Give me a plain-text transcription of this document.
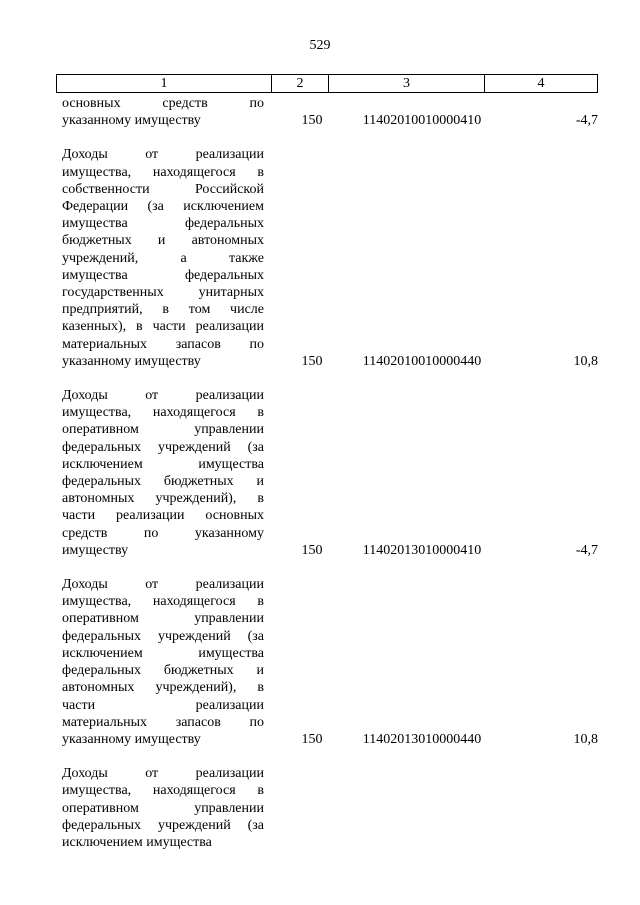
529
1	2	3	4
основных средств по
указанному имуществу	150	11402010010000410	-4,7
Доходы от реализации
имущества, находящегося в
собственности Российской
Федерации (за исключением
имущества федеральных
бюджетных и автономных
учреждений, а также
имущества федеральных
государственных унитарных
предприятий, в том числе
казенных), в части реализации
материальных запасов по
указанному имуществу	150	11402010010000440	10,8
Доходы от реализации
имущества, находящегося в
оперативном управлении
федеральных учреждений (за
исключением имущества
федеральных бюджетных и
автономных учреждений), в
части реализации основных
средств по указанному
имуществу	150	11402013010000410	-4,7
Доходы от реализации
имущества, находящегося в
оперативном управлении
федеральных учреждений (за
исключением имущества
федеральных бюджетных и
автономных учреждений), в
части реализации
материальных запасов по
указанному имуществу	150	11402013010000440	10,8
Доходы от реализации
имущества, находящегося в
оперативном управлении
федеральных учреждений (за
исключением имущества
